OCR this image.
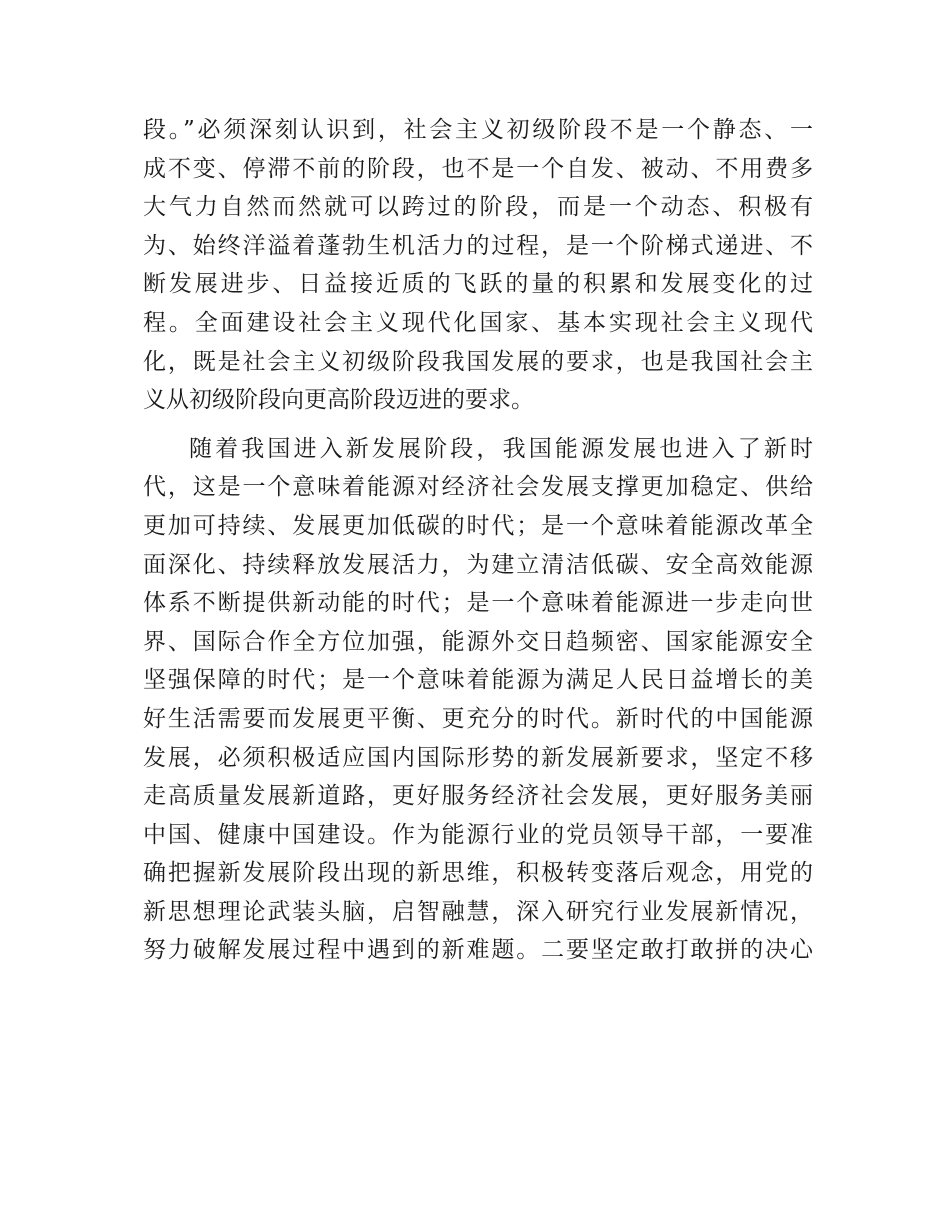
段。”必须深刻认识到，社会主义初级阶段不是一个静态、一
成不变、停滞不前的阶段，也不是一个自发、被动、不用费多
大气力自然而然就可以跨过的阶段，而是一个动态、积极有
为、始终洋溢着蓬勃生机活力的过程，是一个阶梯式递进、不
断发展进步、日益接近质的飞跃的量的积累和发展变化的过
程。全面建设社会主义现代化国家、基本实现社会主义现代
化，既是社会主义初级阶段我国发展的要求，也是我国社会主
义从初级阶段向更高阶段迈进的要求。
随着我国进入新发展阶段，我国能源发展也进入了新时
代，这是一个意味着能源对经济社会发展支撑更加稳定、供给
更加可持续、发展更加低碳的时代；是一个意味着能源改革全
面深化、持续释放发展活力，为建立清洁低碳、安全高效能源
体系不断提供新动能的时代；是一个意味着能源进一步走向世
界、国际合作全方位加强，能源外交日趋频密、国家能源安全
坚强保障的时代；是一个意味着能源为满足人民日益增长的美
好生活需要而发展更平衡、更充分的时代。新时代的中国能源
发展，必须积极适应国内国际形势的新发展新要求，坚定不移
走高质量发展新道路，更好服务经济社会发展，更好服务美丽
中国、健康中国建设。作为能源行业的党员领导干部，一要准
确把握新发展阶段出现的新思维，积极转变落后观念，用党的
新思想理论武装头脑，启智融慧，深入研究行业发展新情况，
努力破解发展过程中遇到的新难题。二要坚定敢打敢拼的决心
